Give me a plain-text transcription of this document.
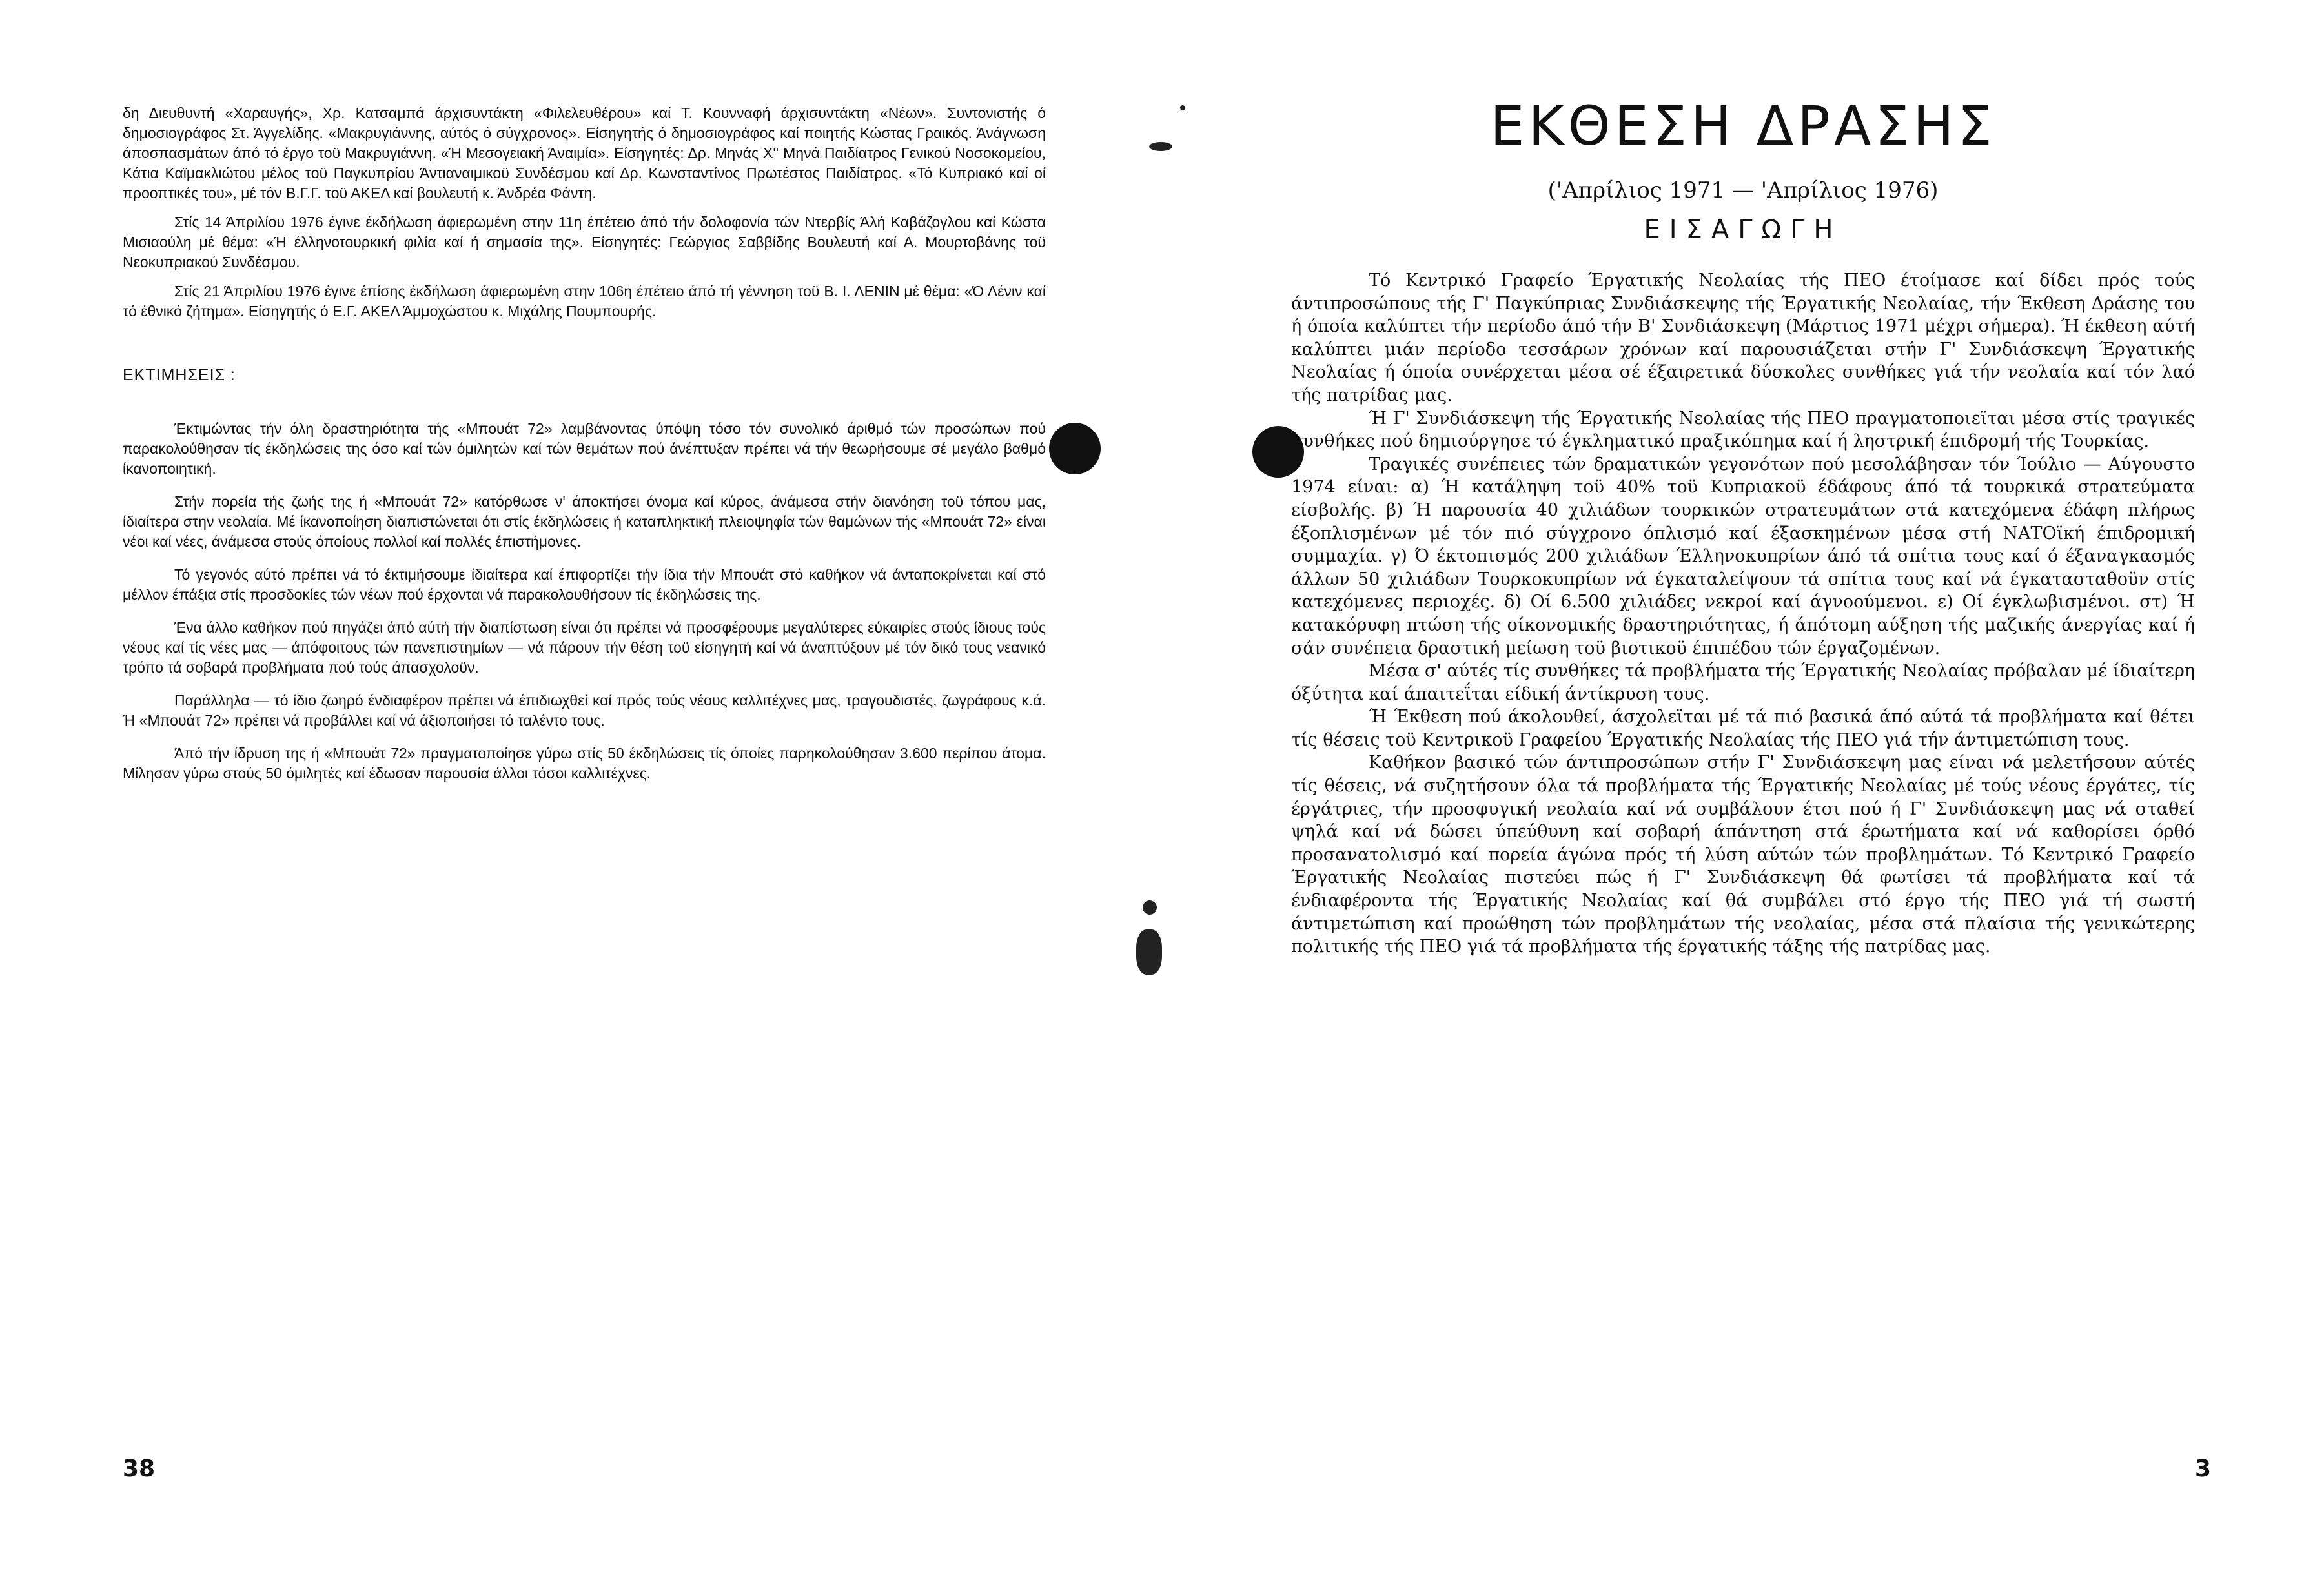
δη Διευθυντή «Χαραυγής», Χρ. Κατσαμπά άρχισυντάκτη «Φιλελευθέρου» καί Τ. Κουνναφή άρχισυντάκτη «Νέων». Συντονιστής ό δημοσιογράφος Στ. Άγγελίδης. «Μακρυγιάννης, αύτός ό σύγχρονος». Είσηγητής ό δημοσιογράφος καί ποιητής Κώστας Γραικός. Άνάγνωση άποσπασμάτων άπό τό έργο τοϋ Μακρυγιάννη. «Ή Μεσογειακή Άναιμία». Είσηγητές: Δρ. Μηνάς Χ'' Μηνά Παιδίατρος Γενικού Νοσοκομείου, Κάτια Καϊμακλιώτου μέλος τοϋ Παγκυπρίου Άντιαναιμικοϋ Συνδέσμου καί Δρ. Κωνσταντίνος Πρωτέστος Παιδίατρος. «Τό Κυπριακό καί οί προοπτικές του», μέ τόν Β.Γ.Γ. τοϋ ΑΚΕΛ καί βουλευτή κ. Άνδρέα Φάντη.

Στίς 14 Άπριλίου 1976 έγινε έκδήλωση άφιερωμένη στην 11η έπέτειο άπό τήν δολοφονία τών Ντερβίς Άλή Καβάζογλου καί Κώστα Μισιαούλη μέ θέμα: «Ή έλληνοτουρκική φιλία καί ή σημασία της». Είσηγητές: Γεώργιος Σαββίδης Βουλευτή καί Α. Μουρτοβάνης τοϋ Νεοκυπριακού Συνδέσμου.

Στίς 21 Άπριλίου 1976 έγινε έπίσης έκδήλωση άφιερωμένη στην 106η έπέτειο άπό τή γέννηση τοϋ Β. Ι. ΛΕΝΙΝ μέ θέμα: «Ό Λένιν καί τό έθνικό ζήτημα». Είσηγητής ό Ε.Γ. ΑΚΕΛ Άμμοχώστου κ. Μιχάλης Πουμπουρής.

ΕΚΤΙΜΗΣΕΙΣ :

Έκτιμώντας τήν όλη δραστηριότητα τής «Μπουάτ 72» λαμβάνοντας ύπόψη τόσο τόν συνολικό άριθμό τών προσώπων πού παρακολούθησαν τίς έκδηλώσεις της όσο καί τών όμιλητών καί τών θεμάτων πού άνέπτυξαν πρέπει νά τήν θεωρήσουμε σέ μεγάλο βαθμό ίκανοποιητική.

Στήν πορεία τής ζωής της ή «Μπουάτ 72» κατόρθωσε ν' άποκτήσει όνομα καί κύρος, άνάμεσα στήν διανόηση τοϋ τόπου μας, ίδιαίτερα στην νεολαία. Μέ ίκανοποίηση διαπιστώνεται ότι στίς έκδηλώσεις ή καταπληκτική πλειοψηφία τών θαμώνων τής «Μπουάτ 72» είναι νέοι καί νέες, άνάμεσα στούς όποίους πολλοί καί πολλές έπιστήμονες.

Τό γεγονός αύτό πρέπει νά τό έκτιμήσουμε ίδιαίτερα καί έπιφορτίζει τήν ίδια τήν Μπουάτ στό καθήκον νά άνταποκρίνεται καί στό μέλλον έπάξια στίς προσδοκίες τών νέων πού έρχονται νά παρακολουθήσουν τίς έκδηλώσεις της.

Ένα άλλο καθήκον πού πηγάζει άπό αύτή τήν διαπίστωση είναι ότι πρέπει νά προσφέρουμε μεγαλύτερες εύκαιρίες στούς ίδιους τούς νέους καί τίς νέες μας — άπόφοιτους τών πανεπιστημίων — νά πάρουν τήν θέση τοϋ είσηγητή καί νά άναπτύξουν μέ τόν δικό τους νεανικό τρόπο τά σοβαρά προβλήματα πού τούς άπασχολοϋν.

Παράλληλα — τό ίδιο ζωηρό ένδιαφέρον πρέπει νά έπιδιωχθεί καί πρός τούς νέους καλλιτέχνες μας, τραγουδιστές, ζωγράφους κ.ά. Ή «Μπουάτ 72» πρέπει νά προβάλλει καί νά άξιοποιήσει τό ταλέντο τους.

Άπό τήν ίδρυση της ή «Μπουάτ 72» πραγματοποίησε γύρω στίς 50 έκδηλώσεις τίς όποίες παρηκολούθησαν 3.600 περίπου άτομα. Μίλησαν γύρω στούς 50 όμιλητές καί έδωσαν παρουσία άλλοι τόσοι καλλιτέχνες.

38
ΕΚΘΕΣΗ ΔΡΑΣΗΣ
('Απρίλιος 1971 — 'Απρίλιος 1976)
ΕΙΣΑΓΩΓΗ

Τό Κεντρικό Γραφείο Έργατικής Νεολαίας τής ΠΕΟ έτοίμασε καί δίδει πρός τούς άντιπροσώπους τής Γ' Παγκύπριας Συνδιάσκεψης τής Έργατικής Νεολαίας, τήν Έκθεση Δράσης του ή όποία καλύπτει τήν περίοδο άπό τήν Β' Συνδιάσκεψη (Μάρτιος 1971 μέχρι σήμερα). Ή έκθεση αύτή καλύπτει μιάν περίοδο τεσσάρων χρόνων καί παρουσιάζεται στήν Γ' Συνδιάσκεψη Έργατικής Νεολαίας ή όποία συνέρχεται μέσα σέ έξαιρετικά δύσκολες συνθήκες γιά τήν νεολαία καί τόν λαό τής πατρίδας μας.

Ή Γ' Συνδιάσκεψη τής Έργατικής Νεολαίας τής ΠΕΟ πραγματοποιεϊται μέσα στίς τραγικές συνθήκες πού δημιούργησε τό έγκληματικό πραξικόπημα καί ή ληστρική έπιδρομή τής Τουρκίας.

Τραγικές συνέπειες τών δραματικών γεγονότων πού μεσολάβησαν τόν Ίούλιο — Αύγουστο 1974 είναι: α) Ή κατάληψη τοϋ 40% τοϋ Κυπριακοϋ έδάφους άπό τά τουρκικά στρατεύματα είσβολής. β) Ή παρουσία 40 χιλιάδων τουρκικών στρατευμάτων στά κατεχόμενα έδάφη πλήρως έξοπλισμένων μέ τόν πιό σύγχρονο όπλισμό καί έξασκημένων μέσα στή ΝΑΤΟϊκή έπιδρομική συμμαχία. γ) Ό έκτοπισμός 200 χιλιάδων Έλληνοκυπρίων άπό τά σπίτια τους καί ό έξαναγκασμός άλλων 50 χιλιάδων Τουρκοκυπρίων νά έγκαταλείψουν τά σπίτια τους καί νά έγκατασταθοϋν στίς κατεχόμενες περιοχές. δ) Οί 6.500 χιλιάδες νεκροί καί άγνοούμενοι. ε) Οί έγκλωβισμένοι. στ) Ή κατακόρυφη πτώση τής οίκονομικής δραστηριότητας, ή άπότομη αύξηση τής μαζικής άνεργίας καί ή σάν συνέπεια δραστική μείωση τοϋ βιοτικοϋ έπιπέδου τών έργαζομένων.

Μέσα σ' αύτές τίς συνθήκες τά προβλήματα τής Έργατικής Νεολαίας πρόβαλαν μέ ίδιαίτερη όξύτητα καί άπαιτεΐται είδική άντίκρυση τους.

Ή Έκθεση πού άκολουθεί, άσχολεϊται μέ τά πιό βασικά άπό αύτά τά προβλήματα καί θέτει τίς θέσεις τοϋ Κεντρικοϋ Γραφείου Έργατικής Νεολαίας τής ΠΕΟ γιά τήν άντιμετώπιση τους.

Καθήκον βασικό τών άντιπροσώπων στήν Γ' Συνδιάσκεψη μας είναι νά μελετήσουν αύτές τίς θέσεις, νά συζητήσουν όλα τά προβλήματα τής Έργατικής Νεολαίας μέ τούς νέους έργάτες, τίς έργάτριες, τήν προσφυγική νεολαία καί νά συμβάλουν έτσι πού ή Γ' Συνδιάσκεψη μας νά σταθεί ψηλά καί νά δώσει ύπεύθυνη καί σοβαρή άπάντηση στά έρωτήματα καί νά καθορίσει όρθό προσανατολισμό καί πορεία άγώνα πρός τή λύση αύτών τών προβλημάτων. Τό Κεντρικό Γραφείο Έργατικής Νεολαίας πιστεύει πώς ή Γ' Συνδιάσκεψη θά φωτίσει τά προβλήματα καί τά ένδιαφέροντα τής Έργατικής Νεολαίας καί θά συμβάλει στό έργο τής ΠΕΟ γιά τή σωστή άντιμετώπιση καί προώθηση τών προβλημάτων τής νεολαίας, μέσα στά πλαίσια τής γενικώτερης πολιτικής τής ΠΕΟ γιά τά προβλήματα τής έργατικής τάξης τής πατρίδας μας.

3
